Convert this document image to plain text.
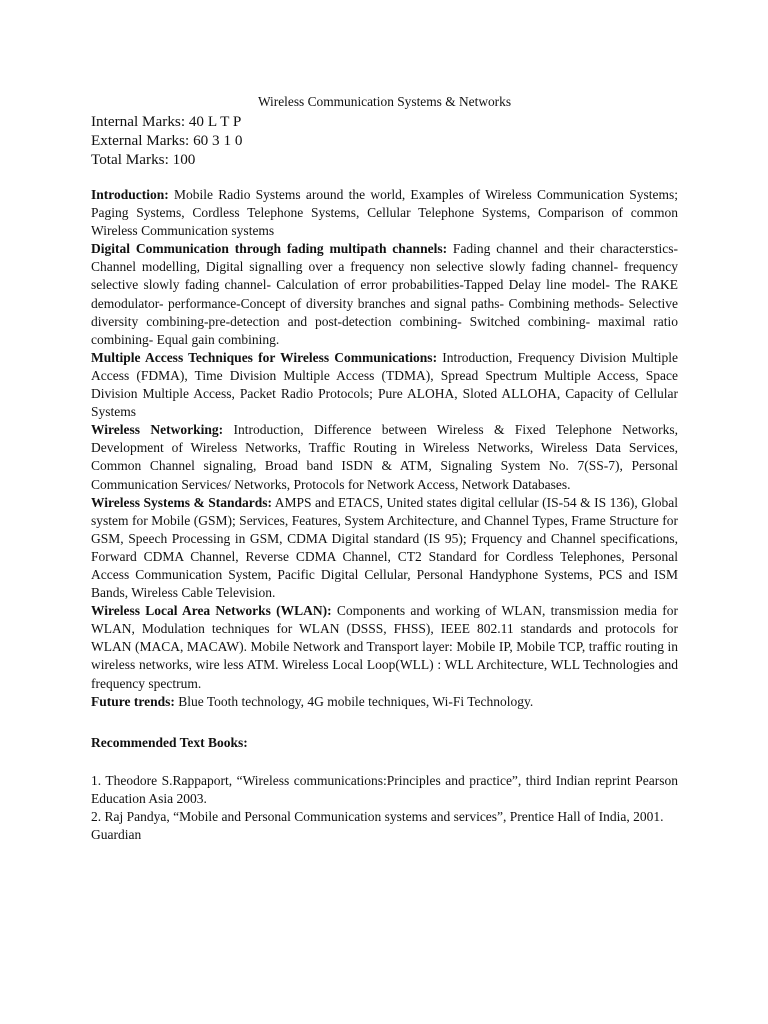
Wireless Communication Systems & Networks
Internal Marks: 40 L T P
External Marks: 60 3 1 0
Total Marks: 100

Introduction: Mobile Radio Systems around the world, Examples of Wireless Communication Systems; Paging Systems, Cordless Telephone Systems, Cellular Telephone Systems, Comparison of common Wireless Communication systems

Digital Communication through fading multipath channels: Fading channel and their characterstics- Channel modelling, Digital signalling over a frequency non selective slowly fading channel- frequency selective slowly fading channel- Calculation of error probabilities-Tapped Delay line model- The RAKE demodulator- performance-Concept of diversity branches and signal paths- Combining methods- Selective diversity combining-pre-detection and post-detection combining- Switched combining- maximal ratio combining- Equal gain combining.

Multiple Access Techniques for Wireless Communications: Introduction, Frequency Division Multiple Access (FDMA), Time Division Multiple Access (TDMA), Spread Spectrum Multiple Access, Space Division Multiple Access, Packet Radio Protocols; Pure ALOHA, Sloted ALLOHA, Capacity of Cellular Systems

Wireless Networking: Introduction, Difference between Wireless & Fixed Telephone Networks, Development of Wireless Networks, Traffic Routing in Wireless Networks, Wireless Data Services, Common Channel signaling, Broad band ISDN & ATM, Signaling System No. 7(SS-7), Personal Communication Services/ Networks, Protocols for Network Access, Network Databases.

Wireless Systems & Standards: AMPS and ETACS, United states digital cellular (IS-54 & IS 136), Global system for Mobile (GSM); Services, Features, System Architecture, and Channel Types, Frame Structure for GSM, Speech Processing in GSM, CDMA Digital standard (IS 95); Frquency and Channel specifications, Forward CDMA Channel, Reverse CDMA Channel, CT2 Standard for Cordless Telephones, Personal Access Communication System, Pacific Digital Cellular, Personal Handyphone Systems, PCS and ISM Bands, Wireless Cable Television.

Wireless Local Area Networks (WLAN): Components and working of WLAN, transmission media for WLAN, Modulation techniques for WLAN (DSSS, FHSS), IEEE 802.11 standards and protocols for WLAN (MACA, MACAW). Mobile Network and Transport layer: Mobile IP, Mobile TCP, traffic routing in wireless networks, wire less ATM. Wireless Local Loop(WLL) : WLL Architecture, WLL Technologies and frequency spectrum.

Future trends: Blue Tooth technology, 4G mobile techniques, Wi-Fi Technology.

Recommended Text Books:

1. Theodore S.Rappaport, “Wireless communications:Principles and practice”, third Indian reprint Pearson Education Asia 2003.

2. Raj Pandya, “Mobile and Personal Communication systems and services”, Prentice Hall of India, 2001.

Guardian
